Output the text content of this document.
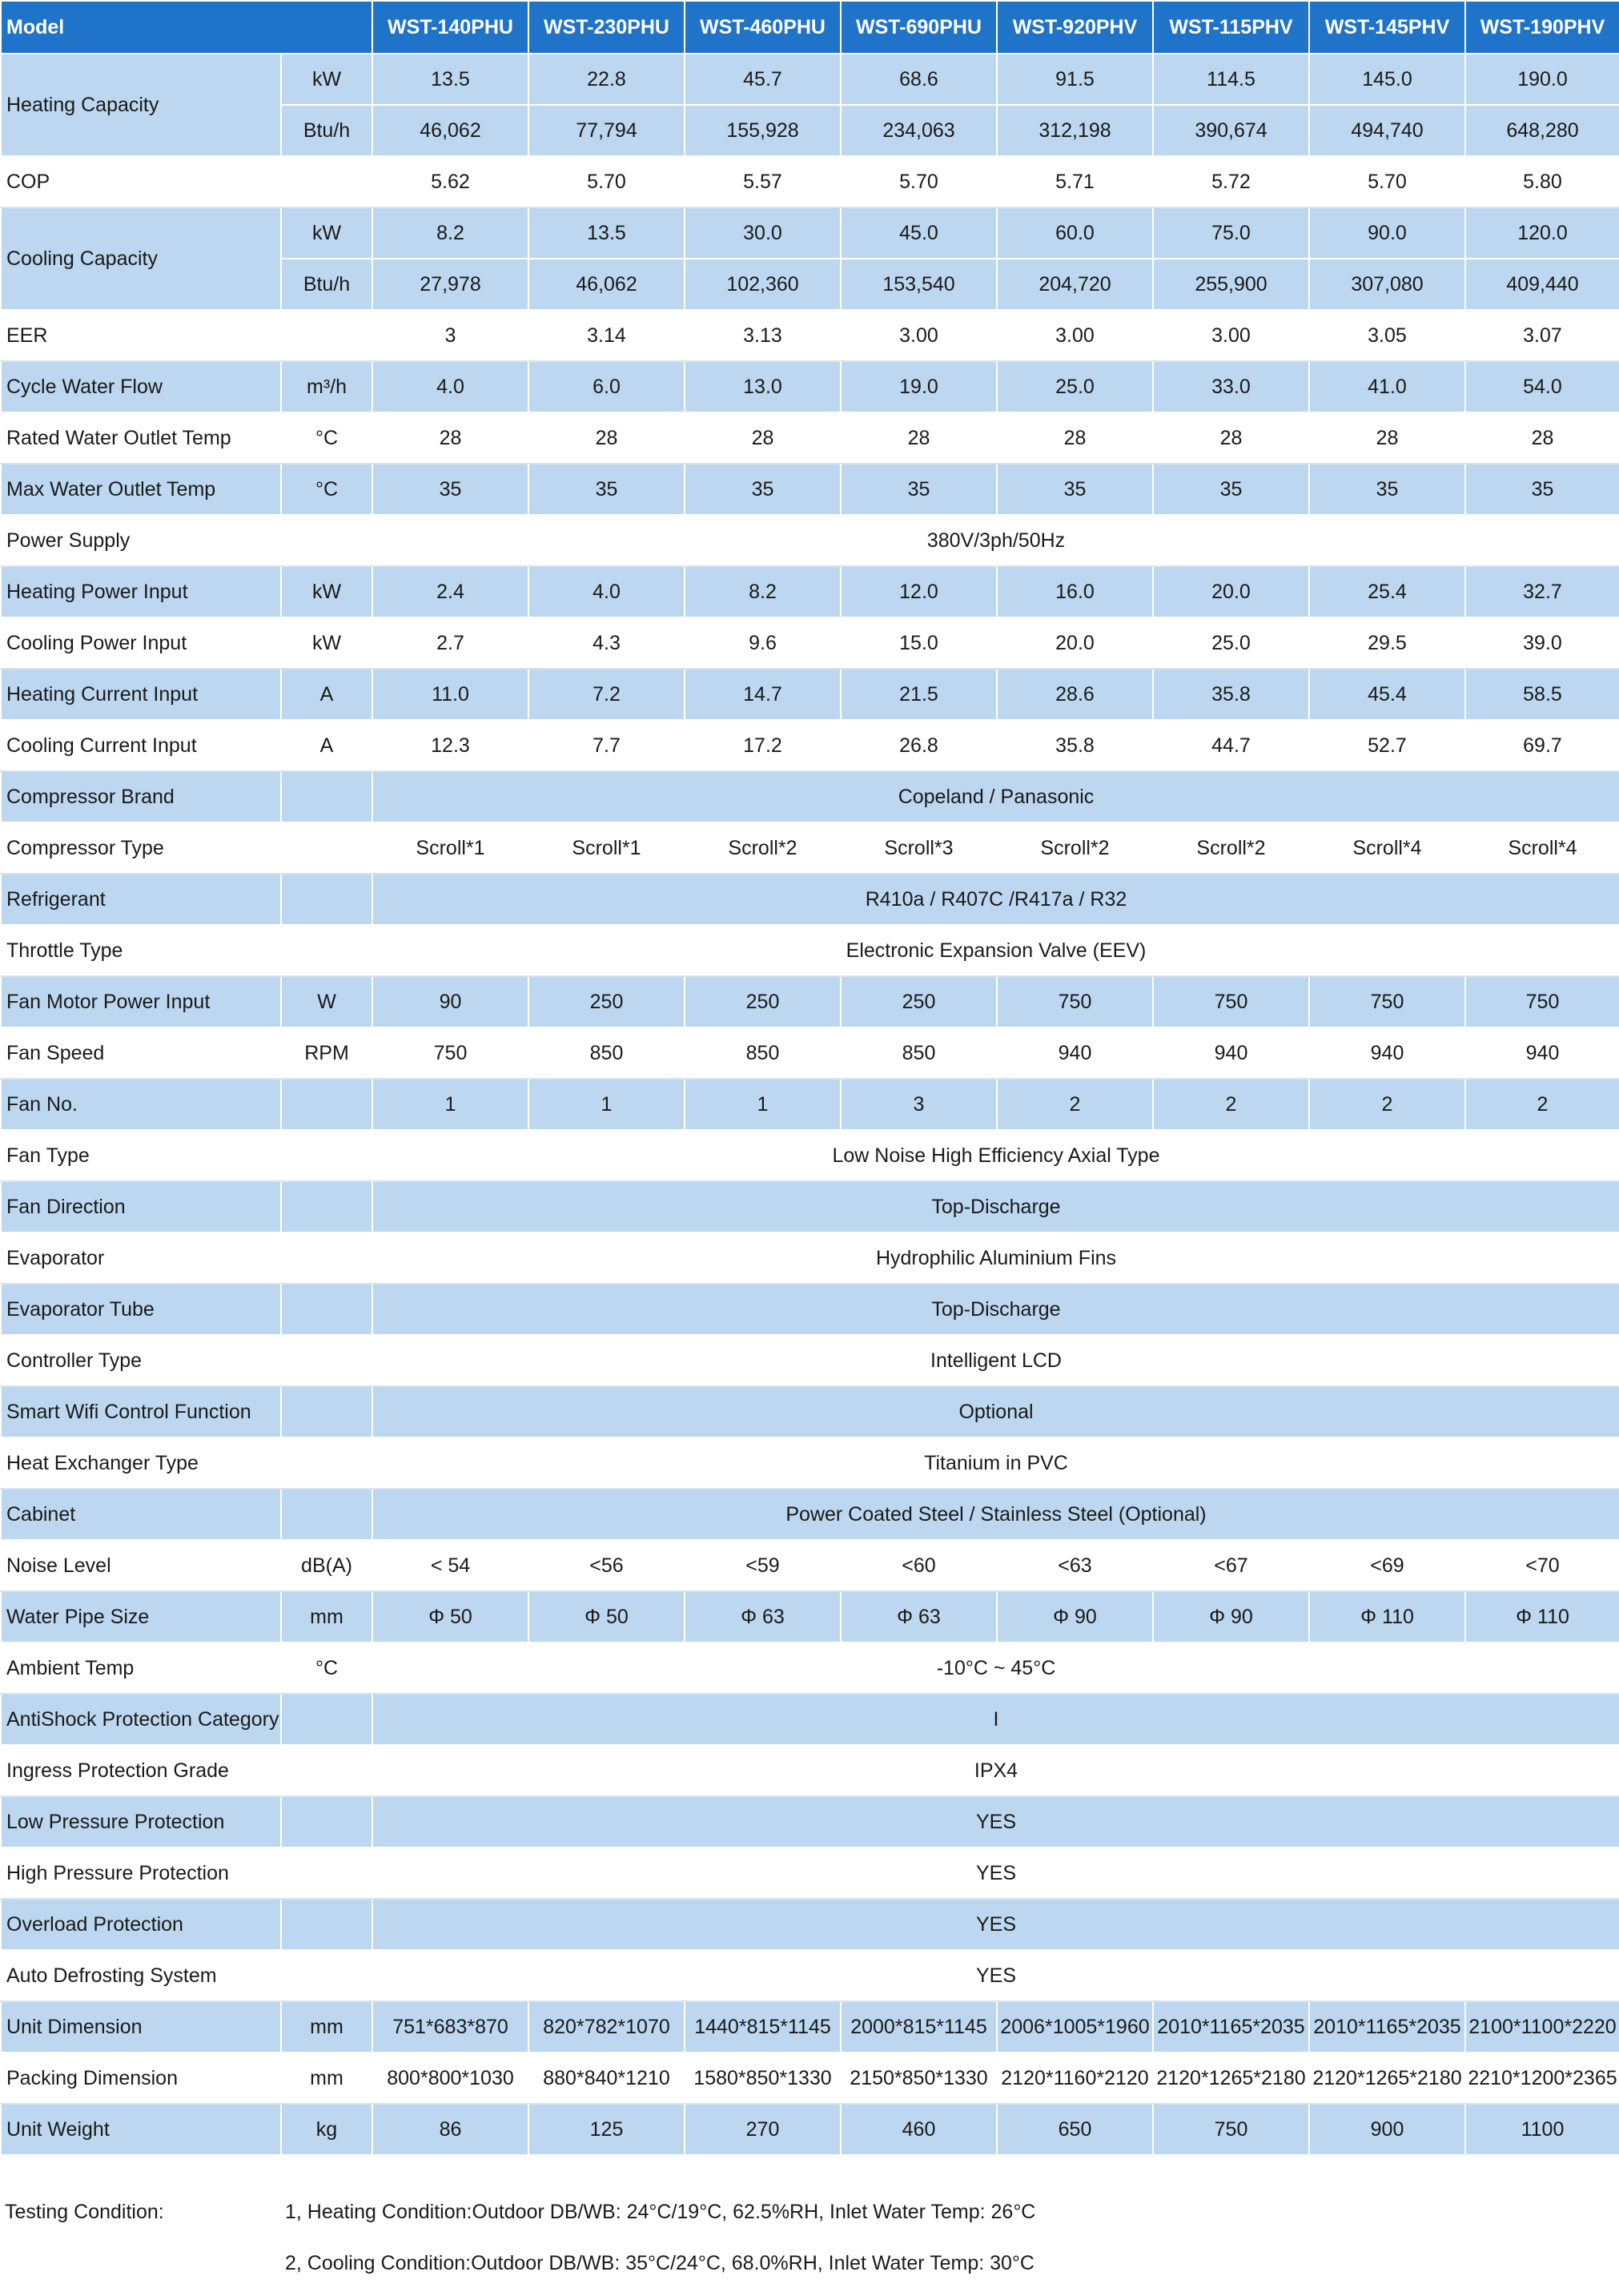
Model		WST-140PHU	WST-230PHU	WST-460PHU	WST-690PHU	WST-920PHV	WST-115PHV	WST-145PHV	WST-190PHV
Heating Capacity	kW	13.5	22.8	45.7	68.6	91.5	114.5	145.0	190.0
	Btu/h	46,062	77,794	155,928	234,063	312,198	390,674	494,740	648,280
COP		5.62	5.70	5.57	5.70	5.71	5.72	5.70	5.80
Cooling Capacity	kW	8.2	13.5	30.0	45.0	60.0	75.0	90.0	120.0
	Btu/h	27,978	46,062	102,360	153,540	204,720	255,900	307,080	409,440
EER		3	3.14	3.13	3.00	3.00	3.00	3.05	3.07
Cycle Water Flow	m³/h	4.0	6.0	13.0	19.0	25.0	33.0	41.0	54.0
Rated Water Outlet Temp	°C	28	28	28	28	28	28	28	28
Max Water Outlet Temp	°C	35	35	35	35	35	35	35	35
Power Supply		380V/3ph/50Hz							
Heating Power Input	kW	2.4	4.0	8.2	12.0	16.0	20.0	25.4	32.7
Cooling Power Input	kW	2.7	4.3	9.6	15.0	20.0	25.0	29.5	39.0
Heating Current Input	A	11.0	7.2	14.7	21.5	28.6	35.8	45.4	58.5
Cooling Current Input	A	12.3	7.7	17.2	26.8	35.8	44.7	52.7	69.7
Compressor Brand		Copeland / Panasonic							
Compressor Type		Scroll*1	Scroll*1	Scroll*2	Scroll*3	Scroll*2	Scroll*2	Scroll*4	Scroll*4
Refrigerant		R410a / R407C /R417a / R32							
Throttle Type		Electronic Expansion Valve (EEV)							
Fan Motor Power Input	W	90	250	250	250	750	750	750	750
Fan Speed	RPM	750	850	850	850	940	940	940	940
Fan No.		1	1	1	3	2	2	2	2
Fan Type		Low Noise High Efficiency Axial Type							
Fan Direction		Top-Discharge							
Evaporator		Hydrophilic Aluminium Fins							
Evaporator Tube		Top-Discharge							
Controller Type		Intelligent LCD							
Smart Wifi Control Function		Optional							
Heat Exchanger Type		Titanium in PVC							
Cabinet		Power Coated Steel / Stainless Steel (Optional)							
Noise Level	dB(A)	< 54	<56	<59	<60	<63	<67	<69	<70
Water Pipe Size	mm	Φ 50	Φ 50	Φ 63	Φ 63	Φ 90	Φ 90	Φ 110	Φ 110
Ambient Temp	°C	-10°C ~ 45°C							
AntiShock Protection Category		I							
Ingress Protection Grade		IPX4							
Low Pressure Protection		YES							
High Pressure Protection		YES							
Overload Protection		YES							
Auto Defrosting System		YES							
Unit Dimension	mm	751*683*870	820*782*1070	1440*815*1145	2000*815*1145	2006*1005*1960	2010*1165*2035	2010*1165*2035	2100*1100*2220
Packing Dimension	mm	800*800*1030	880*840*1210	1580*850*1330	2150*850*1330	2120*1160*2120	2120*1265*2180	2120*1265*2180	2210*1200*2365
Unit Weight	kg	86	125	270	460	650	750	900	1100
Testing Condition:	1, Heating Condition:Outdoor DB/WB: 24°C/19°C, 62.5%RH, Inlet Water Temp: 26°C
2, Cooling Condition:Outdoor DB/WB: 35°C/24°C, 68.0%RH, Inlet Water Temp: 30°C
